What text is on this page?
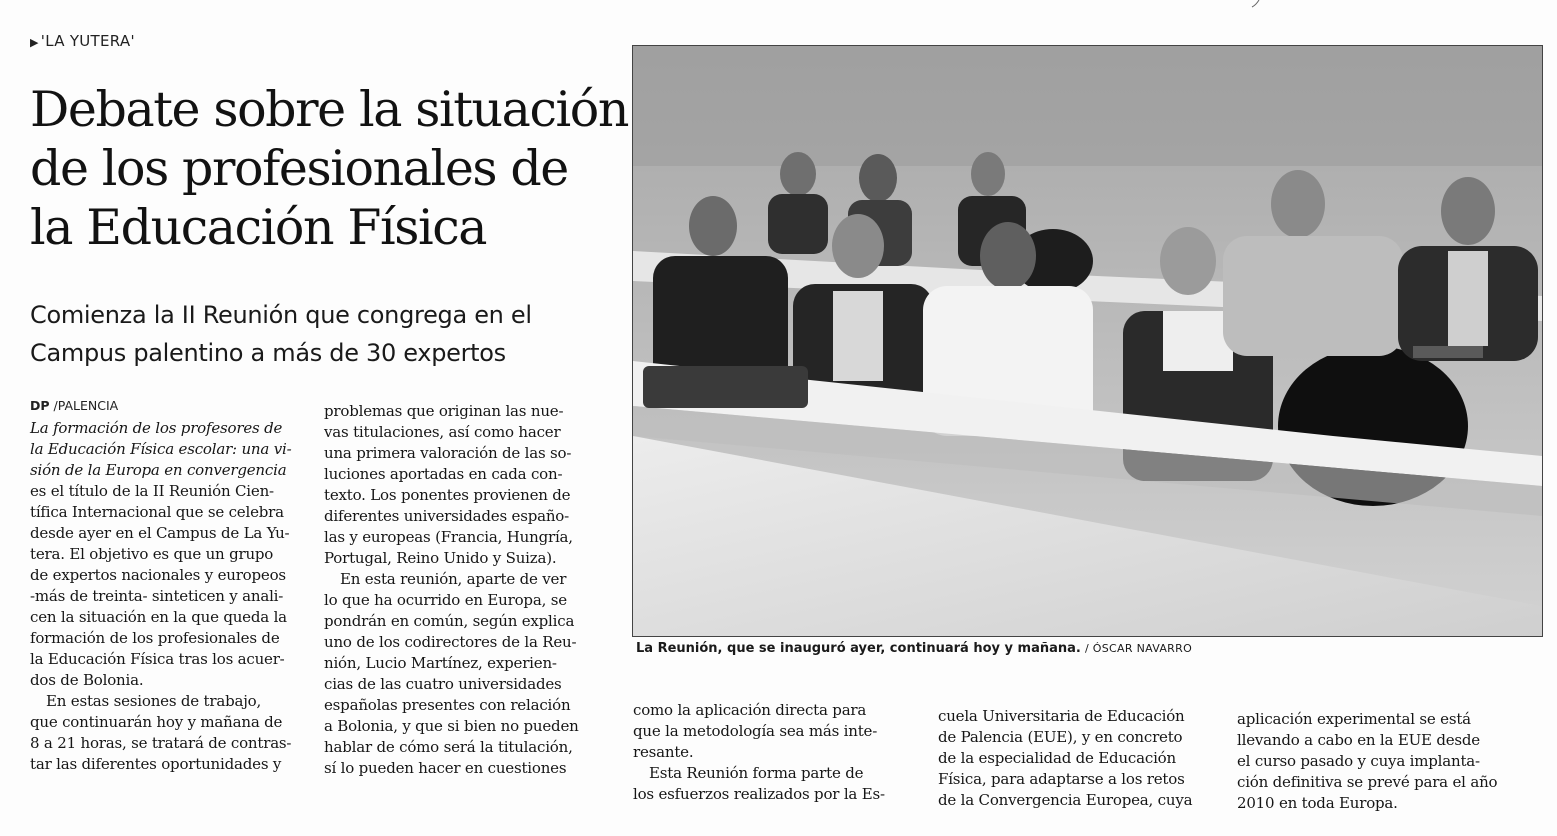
▶ 'LA YUTERA'
Debate sobre la situación
de los profesionales de
la Educación Física
Comienza la II Reunión que congrega en el
Campus palentino a más de 30 expertos
DP /PALENCIA
La formación de los profesores de
la Educación Física escolar: una vi-
sión de la Europa en convergencia
es el título de la II Reunión Cien-
tífica Internacional que se celebra
desde ayer en el Campus de La Yu-
tera. El objetivo es que un grupo
de expertos nacionales y europeos
-más de treinta- sinteticen y anali-
cen la situación en la que queda la
formación de los profesionales de
la Educación Física tras los acuer-
dos de Bolonia.
En estas sesiones de trabajo,
que continuarán hoy y mañana de
8 a 21 horas, se tratará de contras-
tar las diferentes oportunidades y
problemas que originan las nue-
vas titulaciones, así como hacer
una primera valoración de las so-
luciones aportadas en cada con-
texto. Los ponentes provienen de
diferentes universidades españo-
las y europeas (Francia, Hungría,
Portugal, Reino Unido y Suiza).
En esta reunión, aparte de ver
lo que ha ocurrido en Europa, se
pondrán en común, según explica
uno de los codirectores de la Reu-
nión, Lucio Martínez, experien-
cias de las cuatro universidades
españolas presentes con relación
a Bolonia, y que si bien no pueden
hablar de cómo será la titulación,
sí lo pueden hacer en cuestiones
como la aplicación directa para
que la metodología sea más inte-
resante.
Esta Reunión forma parte de
los esfuerzos realizados por la Es-
cuela Universitaria de Educación
de Palencia (EUE), y en concreto
de la especialidad de Educación
Física, para adaptarse a los retos
de la Convergencia Europea, cuya
aplicación experimental se está
llevando a cabo en la EUE desde
el curso pasado y cuya implanta-
ción definitiva se prevé para el año
2010 en toda Europa.
La Reunión, que se inauguró ayer, continuará hoy y mañana. / ÓSCAR NAVARRO
